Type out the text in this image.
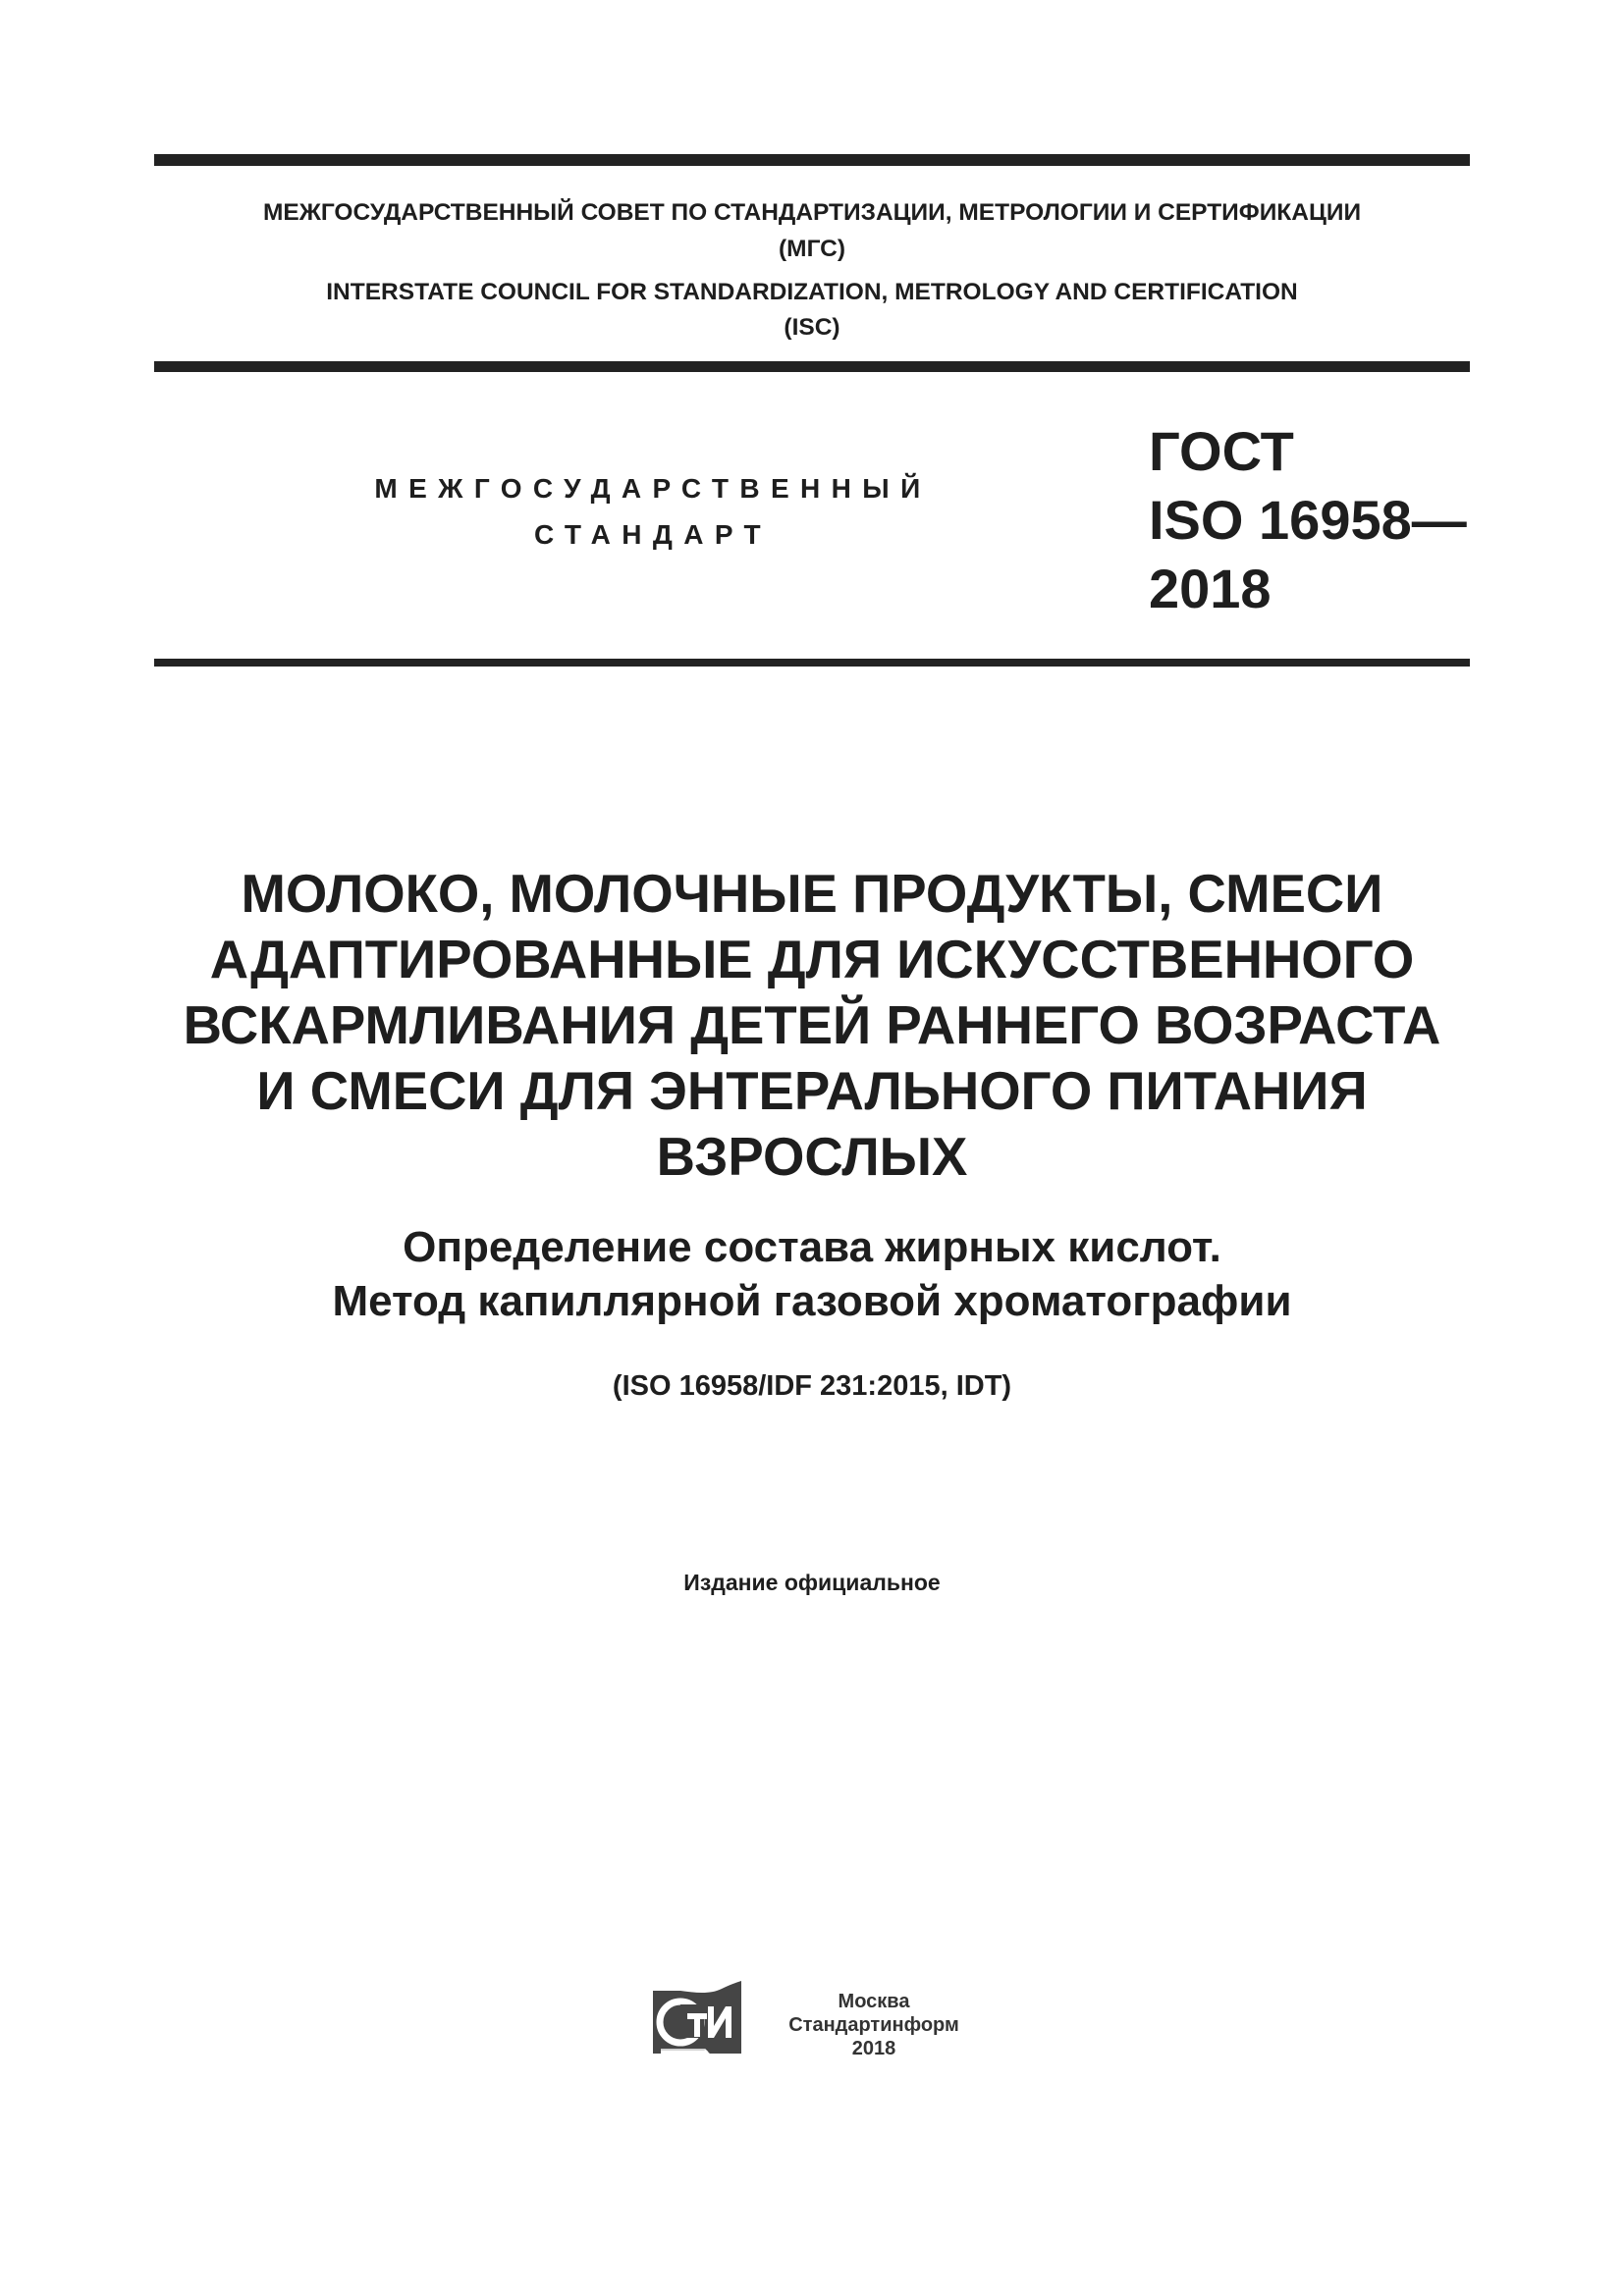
МЕЖГОСУДАРСТВЕННЫЙ СОВЕТ ПО СТАНДАРТИЗАЦИИ, МЕТРОЛОГИИ И СЕРТИФИКАЦИИ
(МГС)
INTERSTATE COUNCIL FOR STANDARDIZATION, METROLOGY AND CERTIFICATION
(ISC)
МЕЖГОСУДАРСТВЕННЫЙ
СТАНДАРТ
ГОСТ
ISO 16958—
2018
МОЛОКО, МОЛОЧНЫЕ ПРОДУКТЫ, СМЕСИ
АДАПТИРОВАННЫЕ ДЛЯ ИСКУССТВЕННОГО
ВСКАРМЛИВАНИЯ ДЕТЕЙ РАННЕГО ВОЗРАСТА
И СМЕСИ ДЛЯ ЭНТЕРАЛЬНОГО ПИТАНИЯ
ВЗРОСЛЫХ
Определение состава жирных кислот.
Метод капиллярной газовой хроматографии
(ISO 16958/IDF 231:2015, IDT)
Издание официальное
Москва
Стандартинформ
2018
